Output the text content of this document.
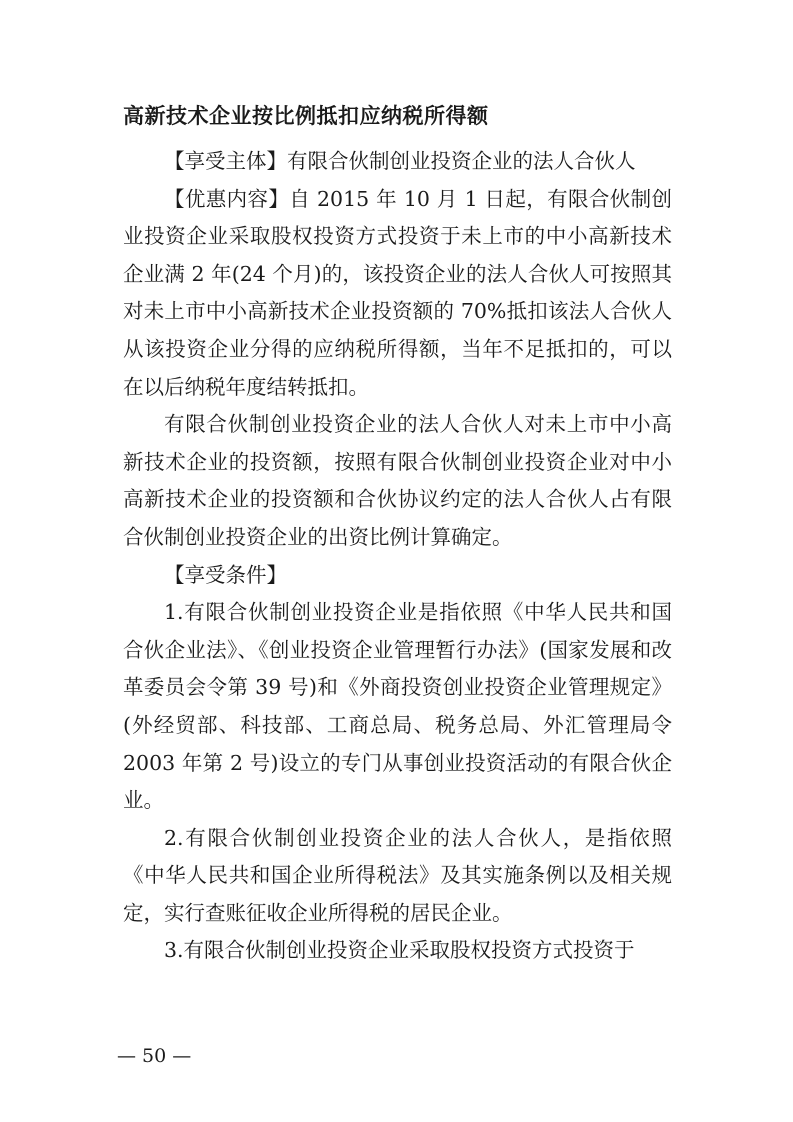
高新技术企业按比例抵扣应纳税所得额

【享受主体】有限合伙制创业投资企业的法人合伙人

【优惠内容】自 2015 年 10 月 1 日起，有限合伙制创业投资企业采取股权投资方式投资于未上市的中小高新技术企业满 2 年(24 个月)的，该投资企业的法人合伙人可按照其对未上市中小高新技术企业投资额的 70%抵扣该法人合伙人从该投资企业分得的应纳税所得额，当年不足抵扣的，可以在以后纳税年度结转抵扣。

有限合伙制创业投资企业的法人合伙人对未上市中小高新技术企业的投资额，按照有限合伙制创业投资企业对中小高新技术企业的投资额和合伙协议约定的法人合伙人占有限合伙制创业投资企业的出资比例计算确定。

【享受条件】

1.有限合伙制创业投资企业是指依照《中华人民共和国合伙企业法》、《创业投资企业管理暂行办法》(国家发展和改革委员会令第 39 号)和《外商投资创业投资企业管理规定》(外经贸部、科技部、工商总局、税务总局、外汇管理局令 2003 年第 2 号)设立的专门从事创业投资活动的有限合伙企业。

2.有限合伙制创业投资企业的法人合伙人，是指依照《中华人民共和国企业所得税法》及其实施条例以及相关规定，实行查账征收企业所得税的居民企业。

3.有限合伙制创业投资企业采取股权投资方式投资于

— 50 —
